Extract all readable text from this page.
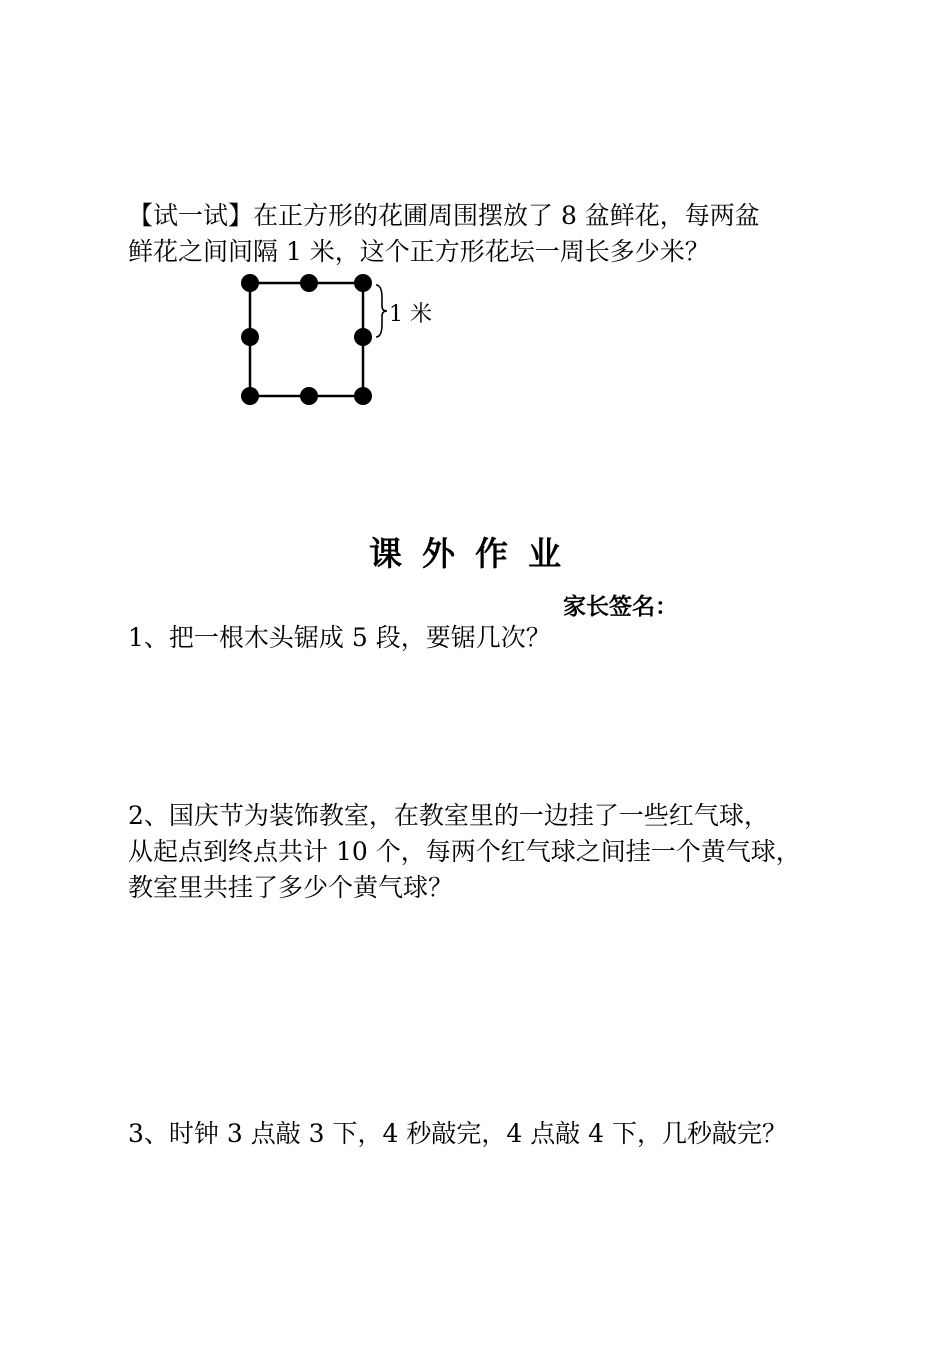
【试一试】在正方形的花圃周围摆放了 8 盆鲜花，每两盆

鲜花之间间隔 1 米，这个正方形花坛一周长多少米？

1 米
课外作业

家长签名：

1、把一根木头锯成 5 段，要锯几次？

2、国庆节为装饰教室，在教室里的一边挂了一些红气球，

从起点到终点共计 10 个，每两个红气球之间挂一个黄气球，

教室里共挂了多少个黄气球？

3、时钟 3 点敲 3 下，4 秒敲完，4 点敲 4 下，几秒敲完？
